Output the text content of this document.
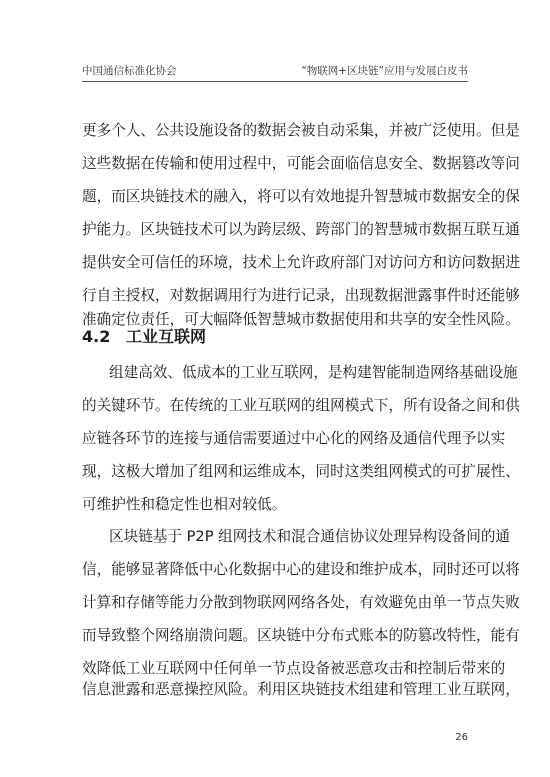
中国通信标准化协会	“物联网+区块链”应用与发展白皮书
更多个人、公共设施设备的数据会被自动采集，并被广泛使用。但是
这些数据在传输和使用过程中，可能会面临信息安全、数据篡改等问
题，而区块链技术的融入，将可以有效地提升智慧城市数据安全的保
护能力。区块链技术可以为跨层级、跨部门的智慧城市数据互联互通
提供安全可信任的环境，技术上允许政府部门对访问方和访问数据进
行自主授权，对数据调用行为进行记录，出现数据泄露事件时还能够
准确定位责任，可大幅降低智慧城市数据使用和共享的安全性风险。
4.2 工业互联网
组建高效、低成本的工业互联网，是构建智能制造网络基础设施
的关键环节。在传统的工业互联网的组网模式下，所有设备之间和供
应链各环节的连接与通信需要通过中心化的网络及通信代理予以实
现，这极大增加了组网和运维成本，同时这类组网模式的可扩展性、
可维护性和稳定性也相对较低。
区块链基于 P2P 组网技术和混合通信协议处理异构设备间的通
信，能够显著降低中心化数据中心的建设和维护成本，同时还可以将
计算和存储等能力分散到物联网网络各处，有效避免由单一节点失败
而导致整个网络崩溃问题。区块链中分布式账本的防篡改特性，能有
效降低工业互联网中任何单一节点设备被恶意攻击和控制后带来的
信息泄露和恶意操控风险。利用区块链技术组建和管理工业互联网，
26
